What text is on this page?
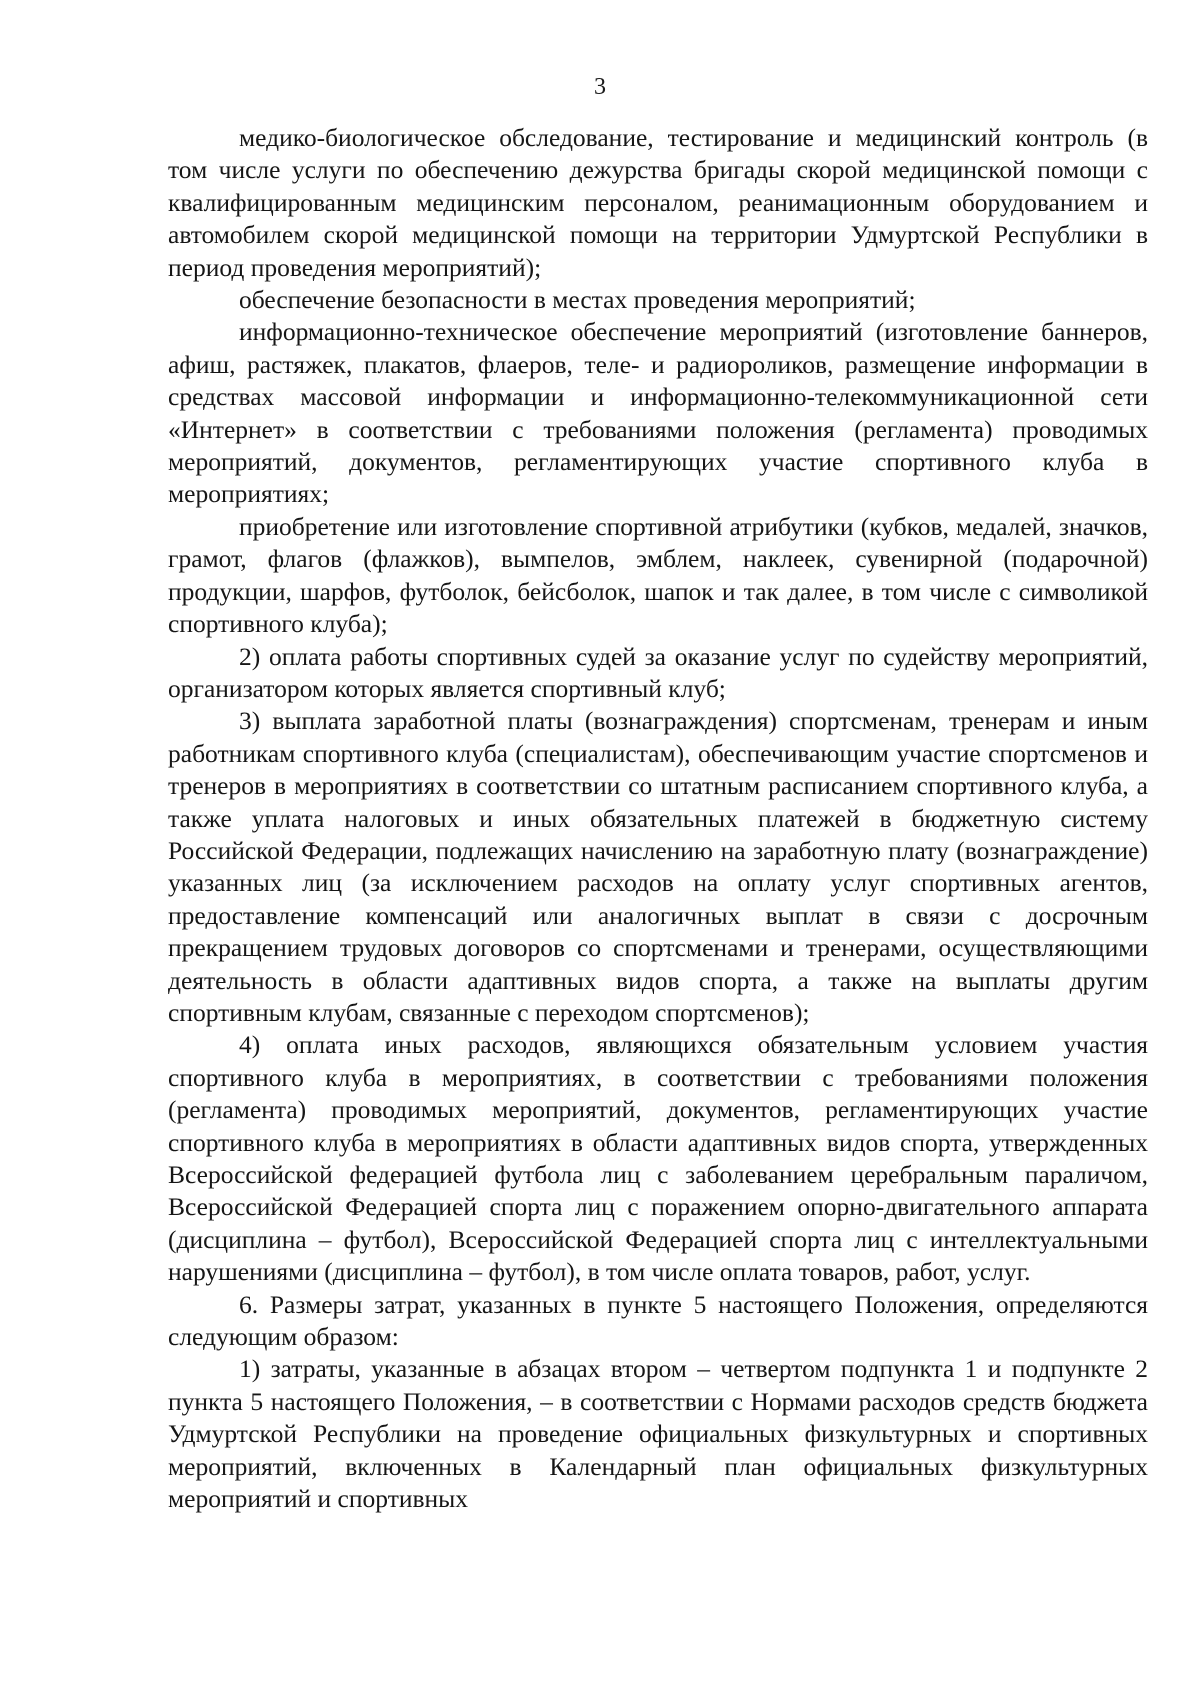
3

медико-биологическое обследование, тестирование и медицинский контроль (в том числе услуги по обеспечению дежурства бригады скорой медицинской помощи с квалифицированным медицинским персоналом, реанимационным оборудованием и автомобилем скорой медицинской помощи на территории Удмуртской Республики в период проведения мероприятий);

обеспечение безопасности в местах проведения мероприятий;

информационно-техническое обеспечение мероприятий (изготовление баннеров, афиш, растяжек, плакатов, флаеров, теле- и радиороликов, размещение информации в средствах массовой информации и информационно-телекоммуникационной сети «Интернет» в соответствии с требованиями положения (регламента) проводимых мероприятий, документов, регламентирующих участие спортивного клуба в мероприятиях;

приобретение или изготовление спортивной атрибутики (кубков, медалей, значков, грамот, флагов (флажков), вымпелов, эмблем, наклеек, сувенирной (подарочной) продукции, шарфов, футболок, бейсболок, шапок и так далее, в том числе с символикой спортивного клуба);

2) оплата работы спортивных судей за оказание услуг по судейству мероприятий, организатором которых является спортивный клуб;

3) выплата заработной платы (вознаграждения) спортсменам, тренерам и иным работникам спортивного клуба (специалистам), обеспечивающим участие спортсменов и тренеров в мероприятиях в соответствии со штатным расписанием спортивного клуба, а также уплата налоговых и иных обязательных платежей в бюджетную систему Российской Федерации, подлежащих начислению на заработную плату (вознаграждение) указанных лиц (за исключением расходов на оплату услуг спортивных агентов, предоставление компенсаций или аналогичных выплат в связи с досрочным прекращением трудовых договоров со спортсменами и тренерами, осуществляющими деятельность в области адаптивных видов спорта, а также на выплаты другим спортивным клубам, связанные с переходом спортсменов);

4) оплата иных расходов, являющихся обязательным условием участия спортивного клуба в мероприятиях, в соответствии с требованиями положения (регламента) проводимых мероприятий, документов, регламентирующих участие спортивного клуба в мероприятиях в области адаптивных видов спорта, утвержденных Всероссийской федерацией футбола лиц с заболеванием церебральным параличом, Всероссийской Федерацией спорта лиц с поражением опорно-двигательного аппарата (дисциплина – футбол), Всероссийской Федерацией спорта лиц с интеллектуальными нарушениями (дисциплина – футбол), в том числе оплата товаров, работ, услуг.

6. Размеры затрат, указанных в пункте 5 настоящего Положения, определяются следующим образом:

1) затраты, указанные в абзацах втором – четвертом подпункта 1 и подпункте 2 пункта 5 настоящего Положения, – в соответствии с Нормами расходов средств бюджета Удмуртской Республики на проведение официальных физкультурных и спортивных мероприятий, включенных в Календарный план официальных физкультурных мероприятий и спортивных
